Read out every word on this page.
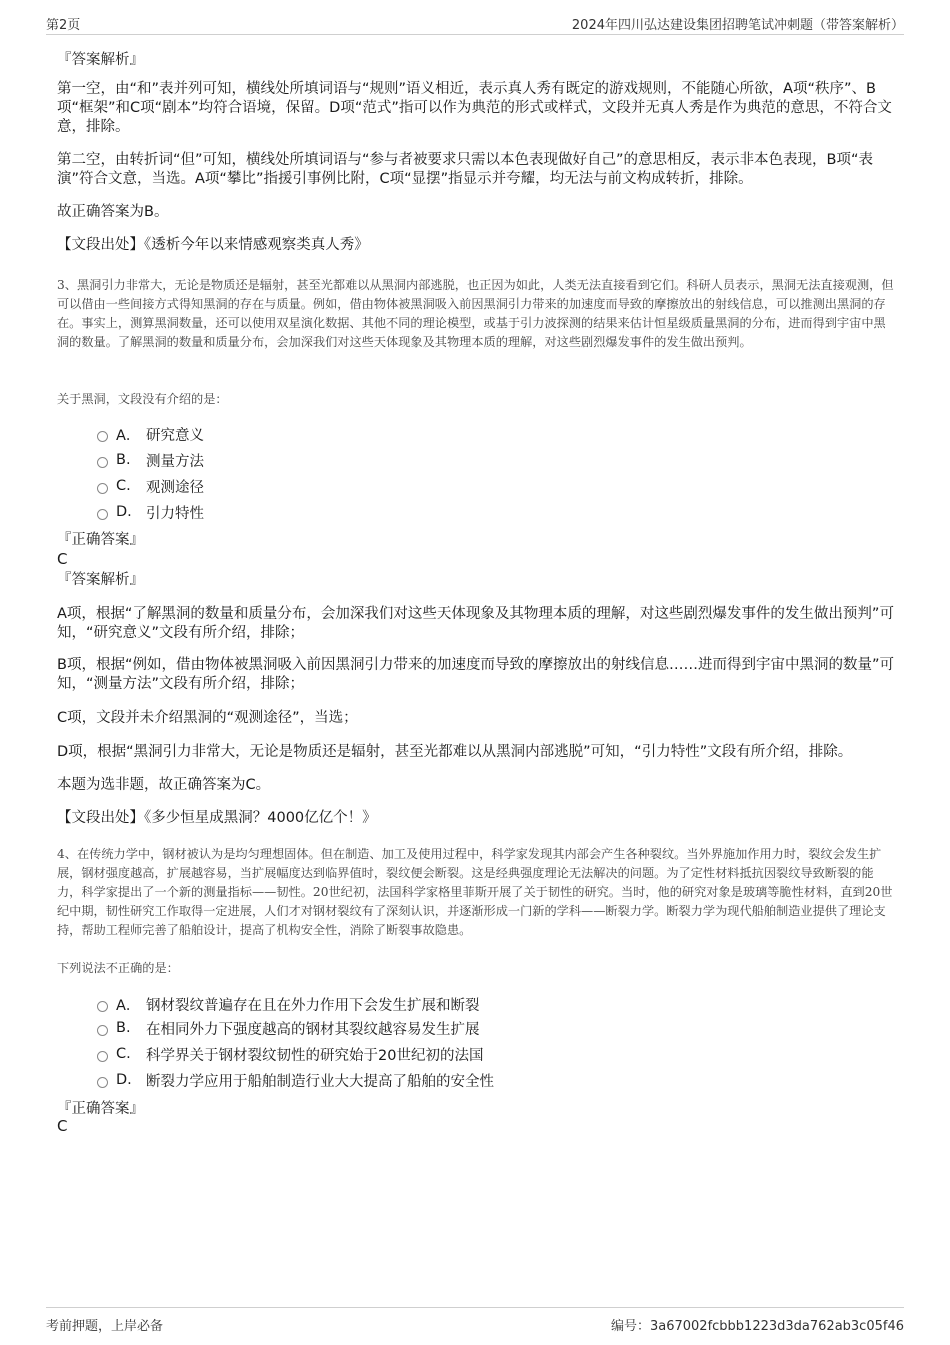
第2页	2024年四川弘达建设集团招聘笔试冲刺题（带答案解析）
『答案解析』

第一空，由“和”表并列可知，横线处所填词语与“规则”语义相近，表示真人秀有既定的游戏规则，不能随心所欲，A项“秩序”、B项“框架”和C项“剧本”均符合语境，保留。D项“范式”指可以作为典范的形式或样式，文段并无真人秀是作为典范的意思，不符合文意，排除。

第二空，由转折词“但”可知，横线处所填词语与“参与者被要求只需以本色表现做好自己”的意思相反，表示非本色表现，B项“表演”符合文意，当选。A项“攀比”指援引事例比附，C项“显摆”指显示并夸耀，均无法与前文构成转折，排除。

故正确答案为B。
【文段出处】《透析今年以来情感观察类真人秀》

3、黑洞引力非常大，无论是物质还是辐射，甚至光都难以从黑洞内部逃脱，也正因为如此，人类无法直接看到它们。科研人员表示，黑洞无法直接观测，但可以借由一些间接方式得知黑洞的存在与质量。例如，借由物体被黑洞吸入前因黑洞引力带来的加速度而导致的摩擦放出的射线信息，可以推测出黑洞的存在。事实上，测算黑洞数量，还可以使用双星演化数据、其他不同的理论模型，或基于引力波探测的结果来估计恒星级质量黑洞的分布，进而得到宇宙中黑洞的数量。了解黑洞的数量和质量分布，会加深我们对这些天体现象及其物理本质的理解，对这些剧烈爆发事件的发生做出预判。

关于黑洞，文段没有介绍的是：
A． 研究意义
B.	测量方法
C.	观测途径
D. 引力特性
『正确答案』
C
『答案解析』

A项，根据“了解黑洞的数量和质量分布，会加深我们对这些天体现象及其物理本质的理解，对这些剧烈爆发事件的发生做出预判”可知，“研究意义”文段有所介绍，排除；

B项，根据“例如，借由物体被黑洞吸入前因黑洞引力带来的加速度而导致的摩擦放出的射线信息……进而得到宇宙中黑洞的数量”可知，“测量方法”文段有所介绍，排除；

C项，文段并未介绍黑洞的“观测途径”，当选；
D项，根据“黑洞引力非常大，无论是物质还是辐射，甚至光都难以从黑洞内部逃脱”可知，“引力特性”文段有所介绍，排除。
本题为选非题，故正确答案为C。
【文段出处】《多少恒星成黑洞？4000亿亿个！》

4、在传统力学中，钢材被认为是均匀理想固体。但在制造、加工及使用过程中，科学家发现其内部会产生各种裂纹。当外界施加作用力时，裂纹会发生扩展，钢材强度越高，扩展越容易，当扩展幅度达到临界值时，裂纹便会断裂。这是经典强度理论无法解决的问题。为了定性材料抵抗因裂纹导致断裂的能力，科学家提出了一个新的测量指标——韧性。20世纪初，法国科学家格里菲斯开展了关于韧性的研究。当时，他的研究对象是玻璃等脆性材料，直到20世纪中期，韧性研究工作取得一定进展，人们才对钢材裂纹有了深刻认识，并逐渐形成一门新的学科——断裂力学。断裂力学为现代船舶制造业提供了理论支持，帮助工程师完善了船舶设计，提高了机构安全性，消除了断裂事故隐患。

下列说法不正确的是：
A． 钢材裂纹普遍存在且在外力作用下会发生扩展和断裂
B.	在相同外力下强度越高的钢材其裂纹越容易发生扩展
C.	科学界关于钢材裂纹韧性的研究始于20世纪初的法国
D. 断裂力学应用于船舶制造行业大大提高了船舶的安全性
『正确答案』
C
考前押题，上岸必备	编号：3a67002fcbbb1223d3da762ab3c05f46
